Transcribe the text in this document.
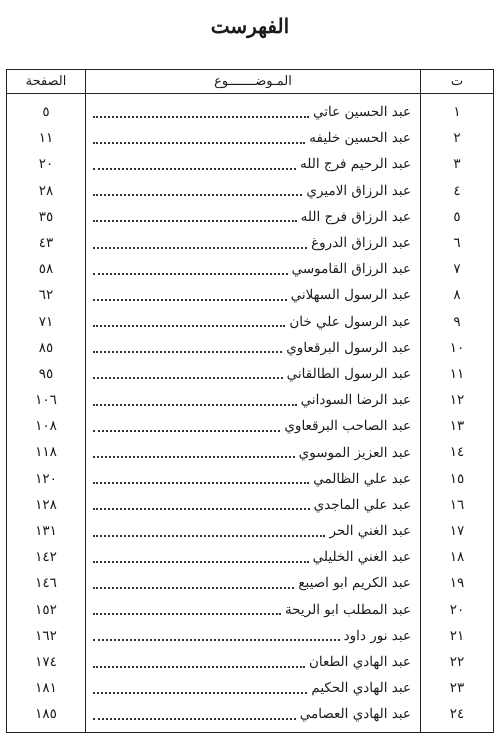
الفهرست
الصفحة	المـوضـــــــوع	ت
٥	عبد الحسين عاتي	١
١١	عبد الحسين خليفه	٢
٢٠	عبد الرحيم فرج الله	٣
٢٨	عبد الرزاق الاميري	٤
٣٥	عبد الرزاق فرج الله	٥
٤٣	عبد الرزاق الدروغ	٦
٥٨	عبد الرزاق القاموسي	٧
٦٢	عبد الرسول السهلاني	٨
٧١	عبد الرسول علي خان	٩
٨٥	عبد الرسول البرقعاوي	١٠
٩٥	عبد الرسول الطالقاني	١١
١٠٦	عبد الرضا السوداني	١٢
١٠٨	عبد الصاحب البرقعاوي	١٣
١١٨	عبد العزيز الموسوي	١٤
١٢٠	عبد علي الظالمي	١٥
١٢٨	عبد علي الماجدي	١٦
١٣١	عبد الغني الحر	١٧
١٤٢	عبد الغني الخليلي	١٨
١٤٦	عبد الكريم ابو اصيبع	١٩
١٥٢	عبد المطلب ابو الريحة	٢٠
١٦٢	عبد نور داود	٢١
١٧٤	عبد الهادي الطعان	٢٢
١٨١	عبد الهادي الحكيم	٢٣
١٨٥	عبد الهادي العصامي	٢٤
